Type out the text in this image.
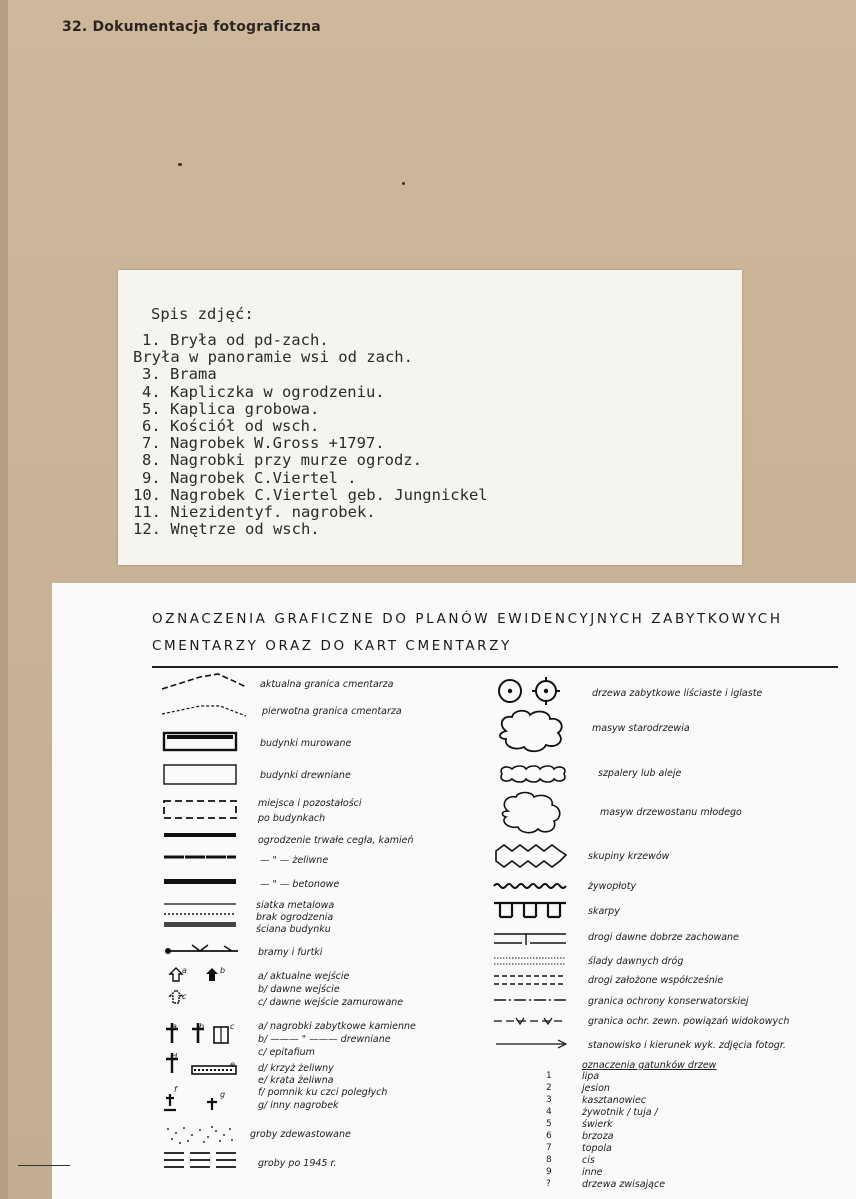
32. Dokumentacja fotograficzna
Spis zdjęć:
1. Bryła od pd-zach.
Bryła w panoramie wsi od zach.
3. Brama
4. Kapliczka w ogrodzeniu.
5. Kaplica grobowa.
6. Kościół od wsch.
7. Nagrobek W.Gross +1797.
8. Nagrobki przy murze ogrodz.
9. Nagrobek C.Viertel .
10. Nagrobek C.Viertel geb. Jungnickel
11. Niezidentyf. nagrobek.
12. Wnętrze od wsch.
OZNACZENIA GRAFICZNE DO PLANÓW EWIDENCYJNYCH ZABYTKOWYCH
CMENTARZY ORAZ DO KART CMENTARZY
a	b
c
a	b	c
d
e
f
g
aktualna granica cmentarza
pierwotna granica cmentarza
budynki murowane
budynki drewniane
miejsca i pozostałości
po budynkach
ogrodzenie trwałe cegła, kamień
— " — żeliwne
— " — betonowe
siatka metalowa
brak ogrodzenia
ściana budynku
bramy i furtki
a/ aktualne wejście
b/ dawne wejście
c/ dawne wejście zamurowane
a/ nagrobki zabytkowe kamienne
b/ ——— " ——— drewniane
c/ epitafium
d/ krzyż żeliwny
e/ krata żeliwna
f/ pomnik ku czci poległych
g/ inny nagrobek
groby zdewastowane
groby po 1945 r.
drzewa zabytkowe liściaste i iglaste
masyw starodrzewia
szpalery lub aleje
masyw drzewostanu młodego
skupiny krzewów
żywopłoty
skarpy
drogi dawne dobrze zachowane
ślady dawnych dróg
drogi założone współcześnie
granica ochrony konserwatorskiej
granica ochr. zewn. powiązań widokowych
stanowisko i kierunek wyk. zdjęcia fotogr.
oznaczenia gatunków drzew
1	lipa
2	jesion
3	kasztanowiec
4	żywotnik / tuja /
5	świerk
6	brzoza
7	topola
8	cis
9	inne
?	drzewa zwisające
